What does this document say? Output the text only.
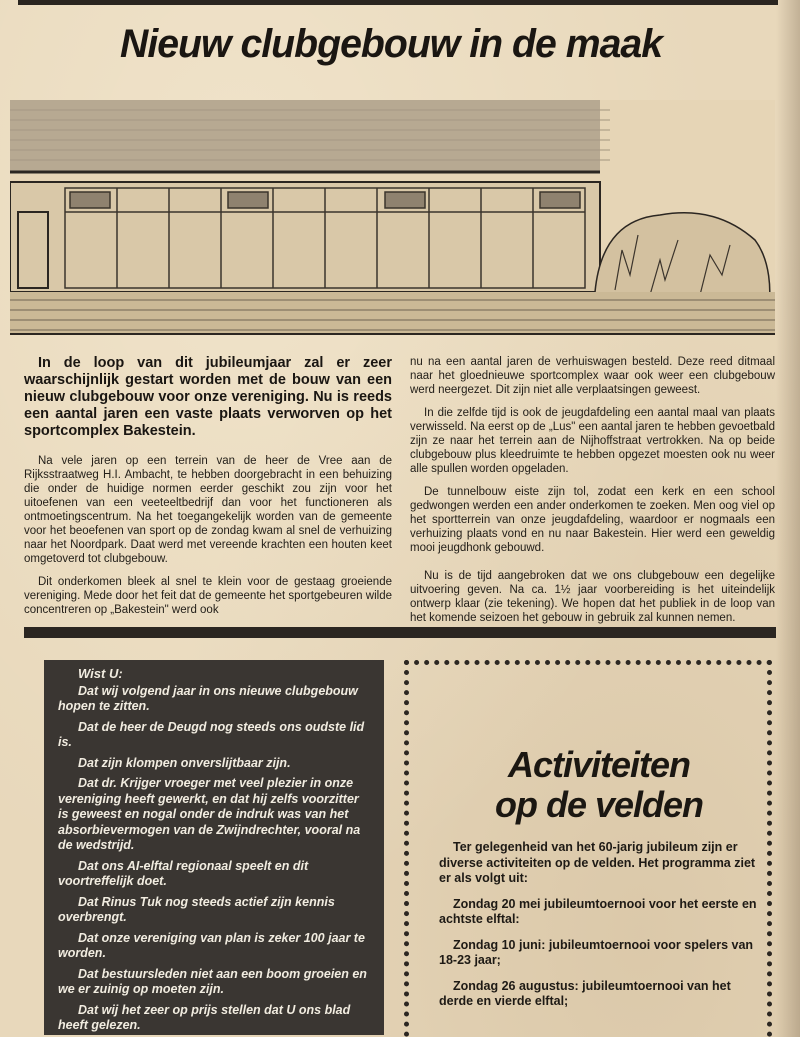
Nieuw clubgebouw in de maak

In de loop van dit jubileumjaar zal er zeer waarschijnlijk gestart worden met de bouw van een nieuw clubgebouw voor onze vereniging. Nu is reeds een aantal jaren een vaste plaats verworven op het sportcomplex Bakestein.

Na vele jaren op een terrein van de heer de Vree aan de Rijksstraatweg H.I. Ambacht, te hebben doorgebracht in een behuizing die onder de huidige normen eerder geschikt zou zijn voor het uitoefenen van een veeteeltbedrijf dan voor het functioneren als ontmoetingscentrum. Na het toegangekelijk worden van de gemeente voor het beoefenen van sport op de zondag kwam al snel de verhuizing naar het Noordpark. Daat werd met vereende krachten een houten keet omgetoverd tot clubgebouw.

Dit onderkomen bleek al snel te klein voor de gestaag groeiende vereniging. Mede door het feit dat de gemeente het sportgebeuren wilde concentreren op „Bakestein" werd ook

nu na een aantal jaren de verhuiswagen besteld. Deze reed ditmaal naar het gloednieuwe sportcomplex waar ook weer een clubgebouw werd neergezet. Dit zijn niet alle verplaatsingen geweest.

In die zelfde tijd is ook de jeugdafdeling een aantal maal van plaats verwisseld. Na eerst op de „Lus" een aantal jaren te hebben gevoetbald zijn ze naar het terrein aan de Nijhoffstraat vertrokken. Na op beide clubgebouw plus kleedruimte te hebben opgezet moesten ook nu weer alle spullen worden opgeladen.

De tunnelbouw eiste zijn tol, zodat een kerk en een school gedwongen werden een ander onderkomen te zoeken. Men oog viel op het sportterrein van onze jeugdafdeling, waardoor er nogmaals een verhuizing plaats vond en nu naar Bakestein. Hier werd een geweldig mooi jeugdhonk gebouwd.

Nu is de tijd aangebroken dat we ons clubgebouw een degelijke uitvoering geven. Na ca. 1½ jaar voorbereiding is het uiteindelijk ontwerp klaar (zie tekening). We hopen dat het publiek in de loop van het komende seizoen het gebouw in gebruik zal kunnen nemen.

Wist U:

Dat wij volgend jaar in ons nieuwe clubgebouw hopen te zitten.

Dat de heer de Deugd nog steeds ons oudste lid is.

Dat zijn klompen onverslijtbaar zijn.

Dat dr. Krijger vroeger met veel plezier in onze vereniging heeft gewerkt, en dat hij zelfs voorzitter is geweest en nogal onder de indruk was van het absorbievermogen van de Zwijndrechter, vooral na de wedstrijd.

Dat ons AI-elftal regionaal speelt en dit voortreffelijk doet.

Dat Rinus Tuk nog steeds actief zijn kennis overbrengt.

Dat onze vereniging van plan is zeker 100 jaar te worden.

Dat bestuursleden niet aan een boom groeien en we er zuinig op moeten zijn.

Dat wij het zeer op prijs stellen dat U ons blad heeft gelezen.

Activiteiten
op de velden

Ter gelegenheid van het 60-jarig jubileum zijn er diverse activiteiten op de velden. Het programma ziet er als volgt uit:

Zondag 20 mei jubileumtoernooi voor het eerste en achtste elftal:

Zondag 10 juni: jubileumtoernooi voor spelers van 18-23 jaar;

Zondag 26 augustus: jubileumtoernooi van het derde en vierde elftal;
